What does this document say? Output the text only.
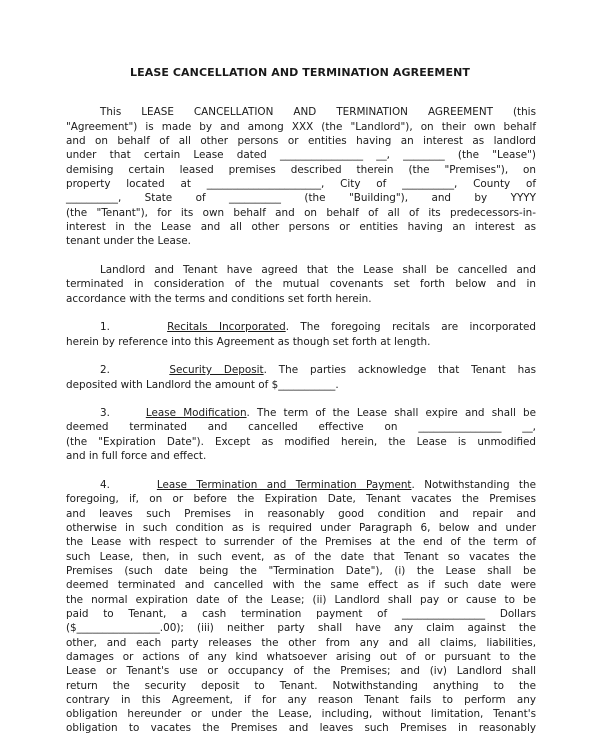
LEASE CANCELLATION AND TERMINATION AGREEMENT
This LEASE CANCELLATION AND TERMINATION AGREEMENT (this
"Agreement") is made by and among XXX (the "Landlord"), on their own behalf
and on behalf of all other persons or entities having an interest as landlord
under that certain Lease dated ________________ __, ________ (the "Lease")
demising certain leased premises described therein (the "Premises"), on
property located at ______________________, City of __________, County of
__________, State of __________ (the "Building"), and by YYYY
(the "Tenant"), for its own behalf and on behalf of all of its predecessors-in-
interest in the Lease and all other persons or entities having an interest as
tenant under the Lease.
Landlord and Tenant have agreed that the Lease shall be cancelled and
terminated in consideration of the mutual covenants set forth below and in
accordance with the terms and conditions set forth herein.
1.	Recitals Incorporated. The foregoing recitals are incorporated
herein by reference into this Agreement as though set forth at length.
2.	Security Deposit. The parties acknowledge that Tenant has
deposited with Landlord the amount of $___________.
3.	Lease Modification. The term of the Lease shall expire and shall be
deemed terminated and cancelled effective on ________________ __,
(the "Expiration Date"). Except as modified herein, the Lease is unmodified
and in full force and effect.
4.	Lease Termination and Termination Payment. Notwithstanding the
foregoing, if, on or before the Expiration Date, Tenant vacates the Premises
and leaves such Premises in reasonably good condition and repair and
otherwise in such condition as is required under Paragraph 6, below and under
the Lease with respect to surrender of the Premises at the end of the term of
such Lease, then, in such event, as of the date that Tenant so vacates the
Premises (such date being the "Termination Date"), (i) the Lease shall be
deemed terminated and cancelled with the same effect as if such date were
the normal expiration date of the Lease; (ii) Landlord shall pay or cause to be
paid to Tenant, a cash termination payment of ________________ Dollars
($________________.00); (iii) neither party shall have any claim against the
other, and each party releases the other from any and all claims, liabilities,
damages or actions of any kind whatsoever arising out of or pursuant to the
Lease or Tenant's use or occupancy of the Premises; and (iv) Landlord shall
return the security deposit to Tenant. Notwithstanding anything to the
contrary in this Agreement, if for any reason Tenant fails to perform any
obligation hereunder or under the Lease, including, without limitation, Tenant's
obligation to vacates the Premises and leaves such Premises in reasonably
